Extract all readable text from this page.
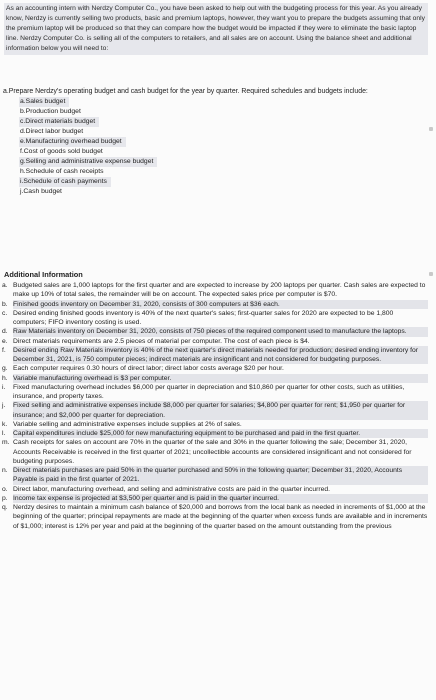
As an accounting intern with Nerdzy Computer Co., you have been asked to help out with the budgeting process for this year. As you already know, Nerdzy is currently selling two products, basic and premium laptops, however, they want you to prepare the budgets assuming that only the premium laptop will be produced so that they can compare how the budget would be impacted if they were to eliminate the basic laptop line. Nerdzy Computer Co. is selling all of the computers to retailers, and all sales are on account. Using the balance sheet and additional information below you will need to:

a.Prepare Nerdzy's operating budget and cash budget for the year by quarter. Required schedules and budgets include:

a.Sales budget
b.Production budget
c.Direct materials budget
d.Direct labor budget
e.Manufacturing overhead budget
f.Cost of goods sold budget
g.Selling and administrative expense budget
h.Schedule of cash receipts
i.Schedule of cash payments
j.Cash budget
Additional Information
a. Budgeted sales are 1,000 laptops for the first quarter and are expected to increase by 200 laptops per quarter. Cash sales are expected to make up 10% of total sales, the remainder will be on account. The expected sales price per computer is $70.
b. Finished goods inventory on December 31, 2020, consists of 300 computers at $36 each.
c. Desired ending finished goods inventory is 40% of the next quarter's sales; first-quarter sales for 2020 are expected to be 1,800 computers; FIFO inventory costing is used.
d. Raw Materials inventory on December 31, 2020, consists of 750 pieces of the required component used to manufacture the laptops.
e. Direct materials requirements are 2.5 pieces of material per computer. The cost of each piece is $4.
f.	Desired ending Raw Materials inventory is 40% of the next quarter's direct materials needed for production; desired ending inventory for December 31, 2021, is 750 computer pieces; indirect materials are insignificant and not considered for budgeting purposes.
g. Each computer requires 0.30 hours of direct labor; direct labor costs average $20 per hour.
h. Variable manufacturing overhead is $3 per computer.
i.	Fixed manufacturing overhead includes $6,000 per quarter in depreciation and $10,860 per quarter for other costs, such as utilities, insurance, and property taxes.
j.	Fixed selling and administrative expenses include $8,000 per quarter for salaries; $4,800 per quarter for rent; $1,950 per quarter for insurance; and $2,000 per quarter for depreciation.
k. Variable selling and administrative expenses include supplies at 2% of sales.
l.	Capital expenditures include $25,000 for new manufacturing equipment to be purchased and paid in the first quarter.
m. Cash receipts for sales on account are 70% in the quarter of the sale and 30% in the quarter following the sale; December 31, 2020, Accounts Receivable is received in the first quarter of 2021; uncollectible accounts are considered insignificant and not considered for budgeting purposes.
n. Direct materials purchases are paid 50% in the quarter purchased and 50% in the following quarter; December 31, 2020, Accounts Payable is paid in the first quarter of 2021.
o. Direct labor, manufacturing overhead, and selling and administrative costs are paid in the quarter incurred.
p. Income tax expense is projected at $3,500 per quarter and is paid in the quarter incurred.
q. Nerdzy desires to maintain a minimum cash balance of $20,000 and borrows from the local bank as needed in increments of $1,000 at the beginning of the quarter; principal repayments are made at the beginning of the quarter when excess funds are available and in increments of $1,000; interest is 12% per year and paid at the beginning of the quarter based on the amount outstanding from the previous
